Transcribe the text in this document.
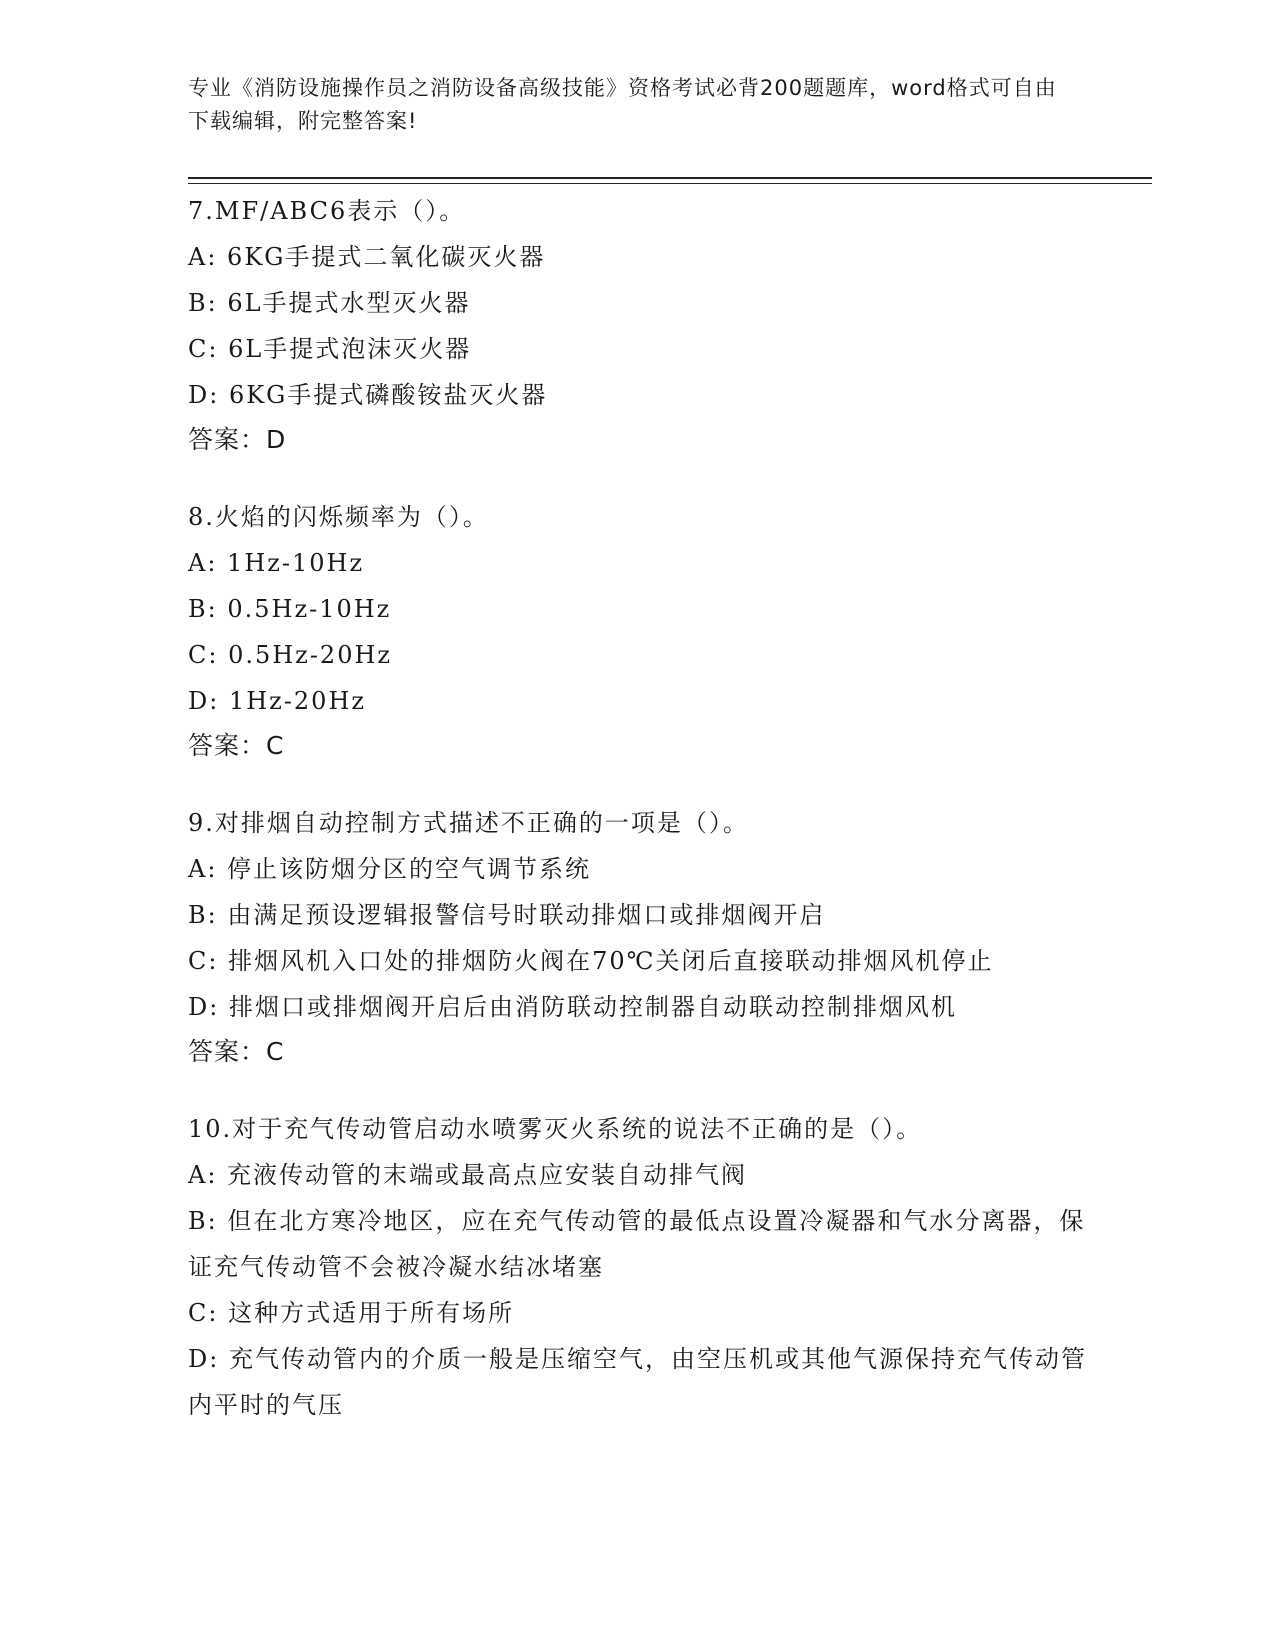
专业《消防设施操作员之消防设备高级技能》资格考试必背200题题库，word格式可自由下载编辑，附完整答案!
7.MF/ABC6表示（）。
A: 6KG手提式二氧化碳灭火器
B: 6L手提式水型灭火器
C: 6L手提式泡沫灭火器
D: 6KG手提式磷酸铵盐灭火器
答案：D
8.火焰的闪烁频率为（）。
A: 1Hz-10Hz
B: 0.5Hz-10Hz
C: 0.5Hz-20Hz
D: 1Hz-20Hz
答案：C
9.对排烟自动控制方式描述不正确的一项是（）。
A: 停止该防烟分区的空气调节系统
B: 由满足预设逻辑报警信号时联动排烟口或排烟阀开启
C: 排烟风机入口处的排烟防火阀在70℃关闭后直接联动排烟风机停止
D: 排烟口或排烟阀开启后由消防联动控制器自动联动控制排烟风机
答案：C
10.对于充气传动管启动水喷雾灭火系统的说法不正确的是（）。
A: 充液传动管的末端或最高点应安装自动排气阀
B: 但在北方寒冷地区，应在充气传动管的最低点设置冷凝器和气水分离器，保证充气传动管不会被冷凝水结冰堵塞
C: 这种方式适用于所有场所
D: 充气传动管内的介质一般是压缩空气，由空压机或其他气源保持充气传动管内平时的气压
